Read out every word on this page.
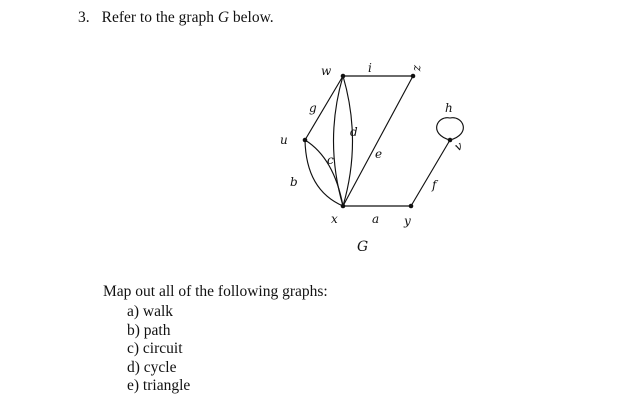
3. Refer to the graph G below.
u
w	z
x	y
v
i
g
d
e
c
b
a
h
f
G
Map out all of the following graphs:
a) walk
b) path
c) circuit
d) cycle
e) triangle
